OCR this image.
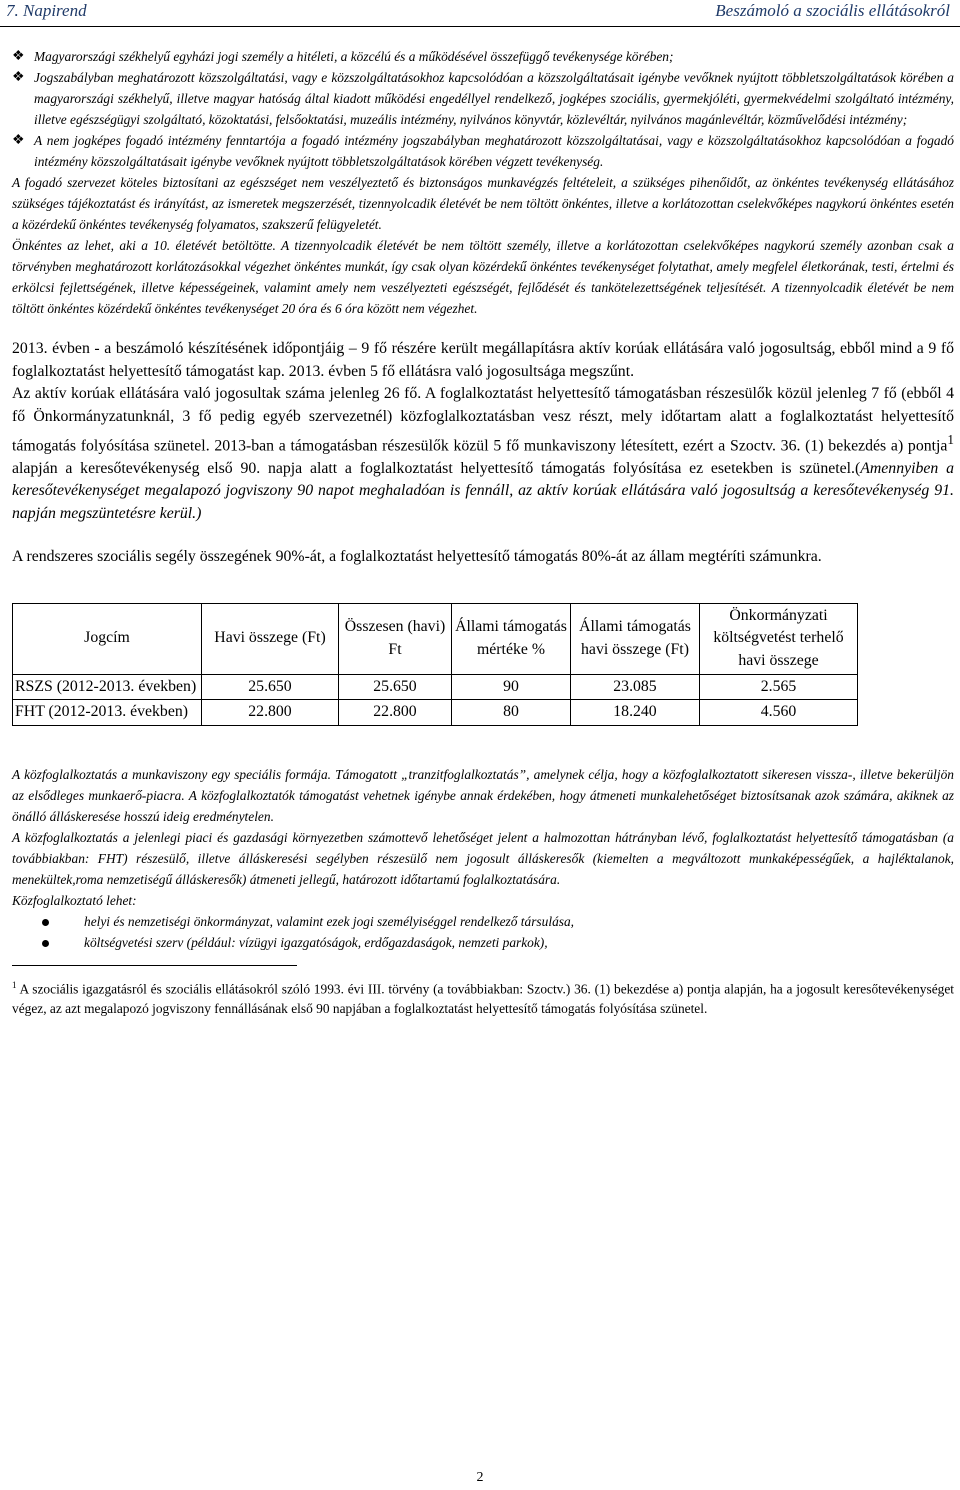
7. Napirend	Beszámoló a szociális ellátásokról
❖ Magyarországi székhelyű egyházi jogi személy a hitéleti, a közcélú és a működésével összefüggő tevékenysége körében;

❖ Jogszabályban meghatározott közszolgáltatási, vagy e közszolgáltatásokhoz kapcsolódóan a közszolgáltatásait igénybe vevőknek nyújtott többletszolgáltatások körében a magyarországi székhelyű, illetve magyar hatóság által kiadott működési engedéllyel rendelkező, jogképes szociális, gyermekjóléti, gyermekvédelmi szolgáltató intézmény, illetve egészségügyi szolgáltató, közoktatási, felsőoktatási, muzeális intézmény, nyilvános könyvtár, közlevéltár, nyilvános magánlevéltár, közművelődési intézmény;

❖ A nem jogképes fogadó intézmény fenntartója a fogadó intézmény jogszabályban meghatározott közszolgáltatásai, vagy e közszolgáltatásokhoz kapcsolódóan a fogadó intézmény közszolgáltatásait igénybe vevőknek nyújtott többletszolgáltatások körében végzett tevékenység.

A fogadó szervezet köteles biztosítani az egészséget nem veszélyeztető és biztonságos munkavégzés feltételeit, a szükséges pihenőidőt, az önkéntes tevékenység ellátásához szükséges tájékoztatást és irányítást, az ismeretek megszerzését, tizennyolcadik életévét be nem töltött önkéntes, illetve a korlátozottan cselekvőképes nagykorú önkéntes esetén a közérdekű önkéntes tevékenység folyamatos, szakszerű felügyeletét.

Önkéntes az lehet, aki a 10. életévét betöltötte. A tizennyolcadik életévét be nem töltött személy, illetve a korlátozottan cselekvőképes nagykorú személy azonban csak a törvényben meghatározott korlátozásokkal végezhet önkéntes munkát, így csak olyan közérdekű önkéntes tevékenységet folytathat, amely megfelel életkorának, testi, értelmi és erkölcsi fejlettségének, illetve képességeinek, valamint amely nem veszélyezteti egészségét, fejlődését és tankötelezettségének teljesítését. A tizennyolcadik életévét be nem töltött önkéntes közérdekű önkéntes tevékenységet 20 óra és 6 óra között nem végezhet.

2013. évben - a beszámoló készítésének időpontjáig – 9 fő részére került megállapításra aktív korúak ellátására való jogosultság, ebből mind a 9 fő foglalkoztatást helyettesítő támogatást kap. 2013. évben 5 fő ellátásra való jogosultsága megszűnt.

Az aktív korúak ellátására való jogosultak száma jelenleg 26 fő. A foglalkoztatást helyettesítő támogatásban részesülők közül jelenleg 7 fő (ebből 4 fő Önkormányzatunknál, 3 fő pedig egyéb szervezetnél) közfoglalkoztatásban vesz részt, mely időtartam alatt a foglalkoztatást helyettesítő támogatás folyósítása szünetel. 2013-ban a támogatásban részesülők közül 5 fő munkaviszony létesített, ezért a Szoctv. 36. (1) bekezdés a) pontja$^1$ alapján a keresőtevékenység első 90. napja alatt a foglalkoztatást helyettesítő támogatás folyósítása ez esetekben is szünetel.(Amennyiben a keresőtevékenységet megalapozó jogviszony 90 napot meghaladóan is fennáll, az aktív korúak ellátására való jogosultság a keresőtevékenység 91. napján megszüntetésre kerül.)

A rendszeres szociális segély összegének 90%-át, a foglalkoztatást helyettesítő támogatás 80%-át az állam megtéríti számunkra.

Jogcím	Havi összege (Ft)	Összesen (havi) Ft	Állami támogatás mértéke %	Állami támogatás havi összege (Ft)	Önkormányzati költségvetést terhelő havi összege
RSZS (2012-2013. években)	25.650	25.650	90	23.085	2.565
FHT (2012-2013. években)	22.800	22.800	80	18.240	4.560

A közfoglalkoztatás a munkaviszony egy speciális formája. Támogatott „tranzitfoglalkoztatás”, amelynek célja, hogy a közfoglalkoztatott sikeresen vissza-, illetve bekerüljön az elsődleges munkaerő-piacra. A közfoglalkoztatók támogatást vehetnek igénybe annak érdekében, hogy átmeneti munkalehetőséget biztosítsanak azok számára, akiknek az önálló álláskeresése hosszú ideig eredménytelen.

A közfoglalkoztatás a jelenlegi piaci és gazdasági környezetben számottevő lehetőséget jelent a halmozottan hátrányban lévő, foglalkoztatást helyettesítő támogatásban (a továbbiakban: FHT) részesülő, illetve álláskeresési segélyben részesülő nem jogosult álláskeresők (kiemelten a megváltozott munkaképességűek, a hajléktalanok, menekültek,roma nemzetiségű álláskeresők) átmeneti jellegű, határozott időtartamú foglalkoztatására.

Közfoglalkoztató lehet:

helyi és nemzetiségi önkormányzat, valamint ezek jogi személyiséggel rendelkező társulása,

költségvetési szerv (például: vízügyi igazgatóságok, erdőgazdaságok, nemzeti parkok),

$^1$ A szociális igazgatásról és szociális ellátásokról szóló 1993. évi III. törvény (a továbbiakban: Szoctv.) 36. (1) bekezdése a) pontja alapján, ha a jogosult keresőtevékenységet végez, az azt megalapozó jogviszony fennállásának első 90 napjában a foglalkoztatást helyettesítő támogatás folyósítása szünetel.
2
